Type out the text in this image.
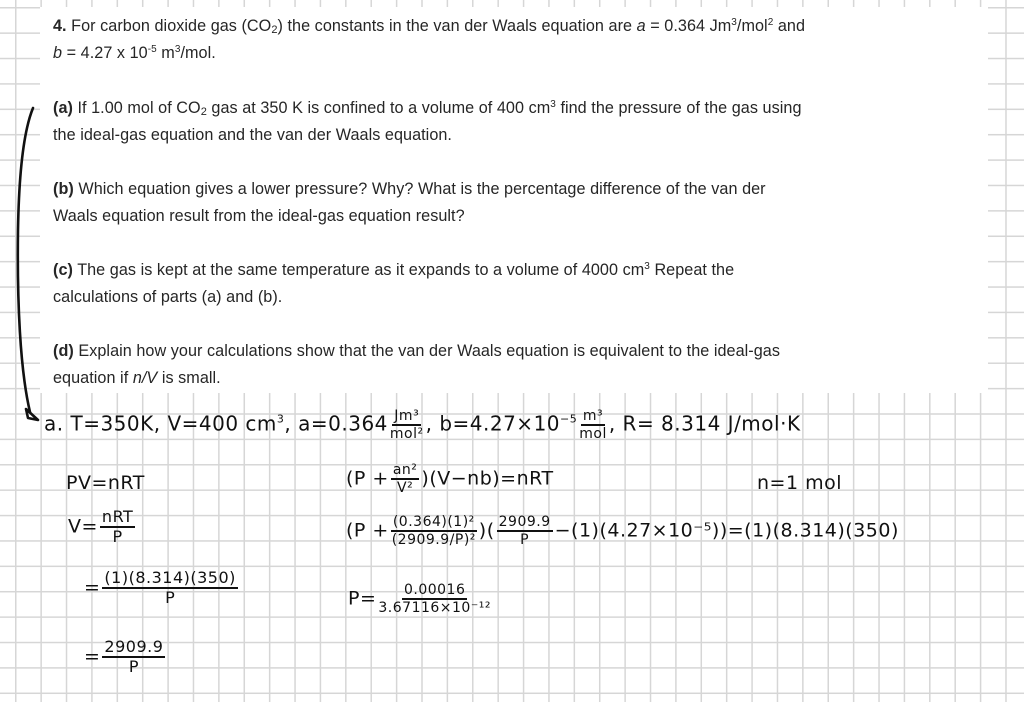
4. For carbon dioxide gas $(CO_2)$ the constants in the van der Waals equation are a = 0.364 Jm$^3$/mol$^2$ and
b = 4.27 x $10^{-5}$ $m^3$/mol.
(a) If 1.00 mol of $CO_2$ gas at 350 K is confined to a volume of 400 $cm^3$ find the pressure of the gas using
the ideal-gas equation and the van der Waals equation.
(b) Which equation gives a lower pressure? Why? What is the percentage difference of the van der
Waals equation result from the ideal-gas equation result?
(c) The gas is kept at the same temperature as it expands to a volume of 4000 $cm^3$ Repeat the
calculations of parts (a) and (b).
(d) Explain how your calculations show that the van der Waals equation is equivalent to the ideal-gas
equation if n/V is small.
a. T=350K, V=400 $cm^3$, $a=0.364 \frac{\text{Jm³}}{\text{mol²}}$ , $b=4.27\times 10^{-5} \frac{\text{m³}}{\text{mol}}$ , R= 8.314 J/mol·K
PV=nRT	$(P + \frac{\text{an²}}{\text{V²}} )(V-nb)=nRT$	n=1 mol
$V= \frac{\text{nRT}}{P}$
= $\frac{(1)(8.314)(350)}{P}$
= $\frac{2909.9}{P}$
($P + \frac{\text{(0.364)(1)²}}{\text{(2909.9/P)²}}$ )( $\frac{2909.9}{P} -(1)(4.27\times 10^{-5}))=(1)(8.314)(350)$
$P= \frac{0.00016}{\text{3.67116×10⁻¹²}}$
